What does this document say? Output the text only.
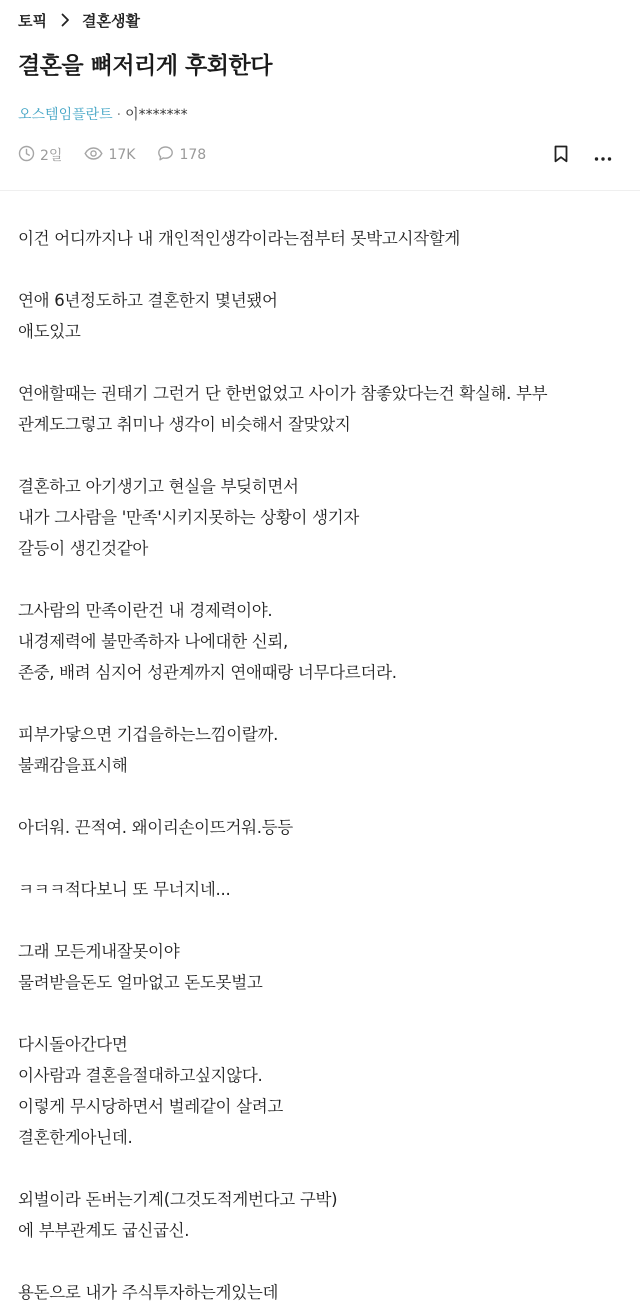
토픽 결혼생활
결혼을 뼈저리게 후회한다
오스템임플란트 · 이*******
2일	17K	178
이건 어디까지나 내 개인적인생각이라는점부터 못박고시작할게
연애 6년정도하고 결혼한지 몇년됐어
애도있고
연애할때는 권태기 그런거 단 한번없었고 사이가 참좋았다는건 확실해. 부부
관계도그렇고 취미나 생각이 비슷해서 잘맞았지
결혼하고 아기생기고 현실을 부딪히면서
내가 그사람을 '만족'시키지못하는 상황이 생기자
갈등이 생긴것같아
그사람의 만족이란건 내 경제력이야.
내경제력에 불만족하자 나에대한 신뢰,
존중, 배려 심지어 성관계까지 연애때랑 너무다르더라.
피부가닿으면 기겁을하는느낌이랄까.
불쾌감을표시해
아더워. 끈적여. 왜이리손이뜨거워.등등
ㅋㅋㅋ적다보니 또 무너지네...
그래 모든게내잘못이야
물려받을돈도 얼마없고 돈도못벌고
다시돌아간다면
이사람과 결혼을절대하고싶지않다.
이렇게 무시당하면서 벌레같이 살려고
결혼한게아닌데.
외벌이라 돈버는기계(그것도적게번다고 구박)
에 부부관계도 굽신굽신.
용돈으로 내가 주식투자하는게있는데
